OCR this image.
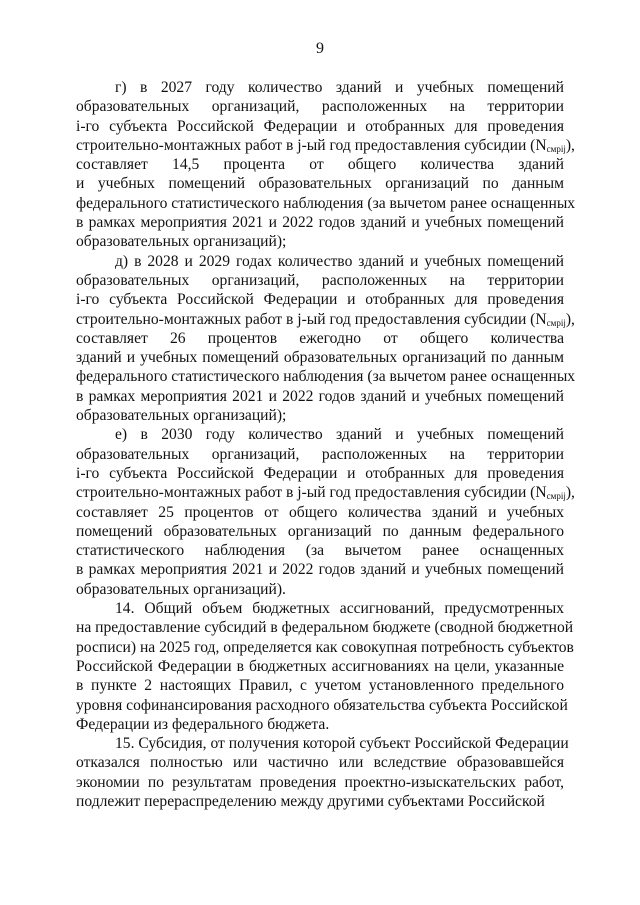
9

г) в 2027 году количество зданий и учебных помещений
образовательных организаций, расположенных на территории
i-го субъекта Российской Федерации и отобранных для проведения
строительно-монтажных работ в j-ый год предоставления субсидии $(N_{смрij})$,
составляет 14,5 процента от общего количества зданий
и учебных помещений образовательных организаций по данным
федерального статистического наблюдения (за вычетом ранее оснащенных
в рамках мероприятия 2021 и 2022 годов зданий и учебных помещений
образовательных организаций);

д) в 2028 и 2029 годах количество зданий и учебных помещений
образовательных организаций, расположенных на территории
i-го субъекта Российской Федерации и отобранных для проведения
строительно-монтажных работ в j-ый год предоставления субсидии $(N_{смрij})$,
составляет 26 процентов ежегодно от общего количества
зданий и учебных помещений образовательных организаций по данным
федерального статистического наблюдения (за вычетом ранее оснащенных
в рамках мероприятия 2021 и 2022 годов зданий и учебных помещений
образовательных организаций);

е) в 2030 году количество зданий и учебных помещений
образовательных организаций, расположенных на территории
i-го субъекта Российской Федерации и отобранных для проведения
строительно-монтажных работ в j-ый год предоставления субсидии $(N_{смрij})$,
составляет 25 процентов от общего количества зданий и учебных
помещений образовательных организаций по данным федерального
статистического наблюдения (за вычетом ранее оснащенных
в рамках мероприятия 2021 и 2022 годов зданий и учебных помещений
образовательных организаций).

14. Общий объем бюджетных ассигнований, предусмотренных
на предоставление субсидий в федеральном бюджете (сводной бюджетной
росписи) на 2025 год, определяется как совокупная потребность субъектов
Российской Федерации в бюджетных ассигнованиях на цели, указанные
в пункте 2 настоящих Правил, с учетом установленного предельного
уровня софинансирования расходного обязательства субъекта Российской
Федерации из федерального бюджета.

15. Субсидия, от получения которой субъект Российской Федерации
отказался полностью или частично или вследствие образовавшейся
экономии по результатам проведения проектно-изыскательских работ,
подлежит перераспределению между другими субъектами Российской
